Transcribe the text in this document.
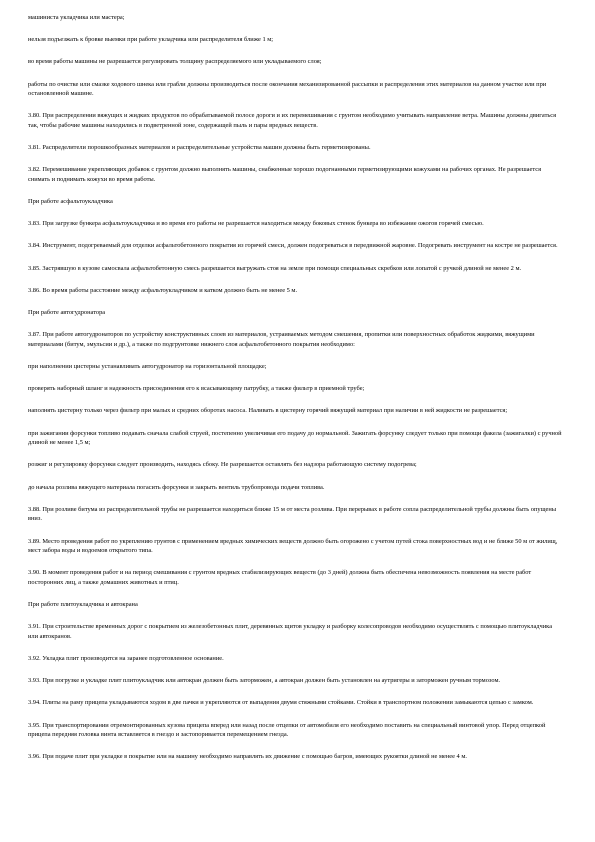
машиниста укладчика или мастера;

нельзя подъезжать к бровке выемки при работе укладчика или распределителя ближе 1 м;

во время работы машины не разрешается регулировать толщину распределяемого или укладываемого слоя;

работы по очистке или смазке ходового шнека или грабли должны производиться после окончания механизированной рассыпки и распределения этих материалов на данном участке или при остановленной машине.

3.80. При распределении вяжущих и жидких продуктов по обрабатываемой полосе дороги и их перемешивания с грунтом необходимо учитывать направление ветра. Машины должны двигаться так, чтобы рабочие машины находились в подветренной зоне, содержащей пыль и пары вредных веществ.

3.81. Распределители порошкообразных материалов и распределительные устройства машин должны быть герметизированы.

3.82. Перемешивание укрепляющих добавок с грунтом должно выполнять машины, снабженные хорошо подогнанными герметизирующими кожухами на рабочих органах. Не разрешается снимать и поднимать кожухи во время работы.

При работе асфальтоукладчика

3.83. При загрузке бункера асфальтоукладчика и во время его работы не разрешается находиться между боковых стенок бункера во избежание ожогов горячей смесью.

3.84. Инструмент, подогреваемый для отделки асфальтобетонного покрытия из горячей смеси, должен подогреваться в передвижной жаровне. Подогревать инструмент на костре не разрешается.

3.85. Застрявшую в кузове самосвала асфальтобетонную смесь разрешается выгружать стоя на земле при помощи специальных скребков или лопатой с ручкой длиной не менее 2 м.

3.86. Во время работы расстояние между асфальтоукладчиком и катком должно быть не менее 5 м.

При работе автогудронатора

3.87. При работе автогудронаторов по устройству конструктивных слоев из материалов, устраиваемых методом смешения, пропитки или поверхностных обработок жидкими, вяжущими материалами (битум, эмульсии и др.), а также по подгрунтовке нижнего слоя асфальтобетонного покрытия необходимо:

при наполнении цистерны устанавливать автогудронатор на горизонтальной площадке;

проверять наборный шланг и надежность присоединения его к всасывающему патрубку, а также фильтр в приемной трубе;

наполнять цистерну только через фильтр при малых и средних оборотах насоса. Наливать в цистерну горячий вяжущий материал при наличии в ней жидкости не разрешается;

при зажигании форсунки топливо подавать сначала слабой струей, постепенно увеличивая его подачу до нормальной. Зажигать форсунку следует только при помощи факела (зажигалки) с ручной длиной не менее 1,5 м;

розжиг и регулировку форсунки следует производить, находясь сбоку. Не разрешается оставлять без надзора работающую систему подогрева;

до начала розлива вяжущего материала погасить форсунки и закрыть вентиль трубопровода подачи топлива.

3.88. При розливе битума из распределительной трубы не разрешается находиться ближе 15 м от места розлива. При перерывах в работе сопла распределительной трубы должны быть опущены вниз.

3.89. Место проведения работ по укреплению грунтов с применением вредных химических веществ должно быть огорожено с учетом путей стока поверхностных вод и не ближе 50 м от жилищ, мест забора воды и водоемов открытого типа.

3.90. В момент проведения работ и на период смешивания с грунтом вредных стабилизирующих веществ (до 3 дней) должна быть обеспечена невозможность появления на месте работ посторонних лиц, а также домашних животных и птиц.

При работе плитоукладчика и автокрана

3.91. При строительстве временных дорог с покрытием из железобетонных плит, деревянных щитов укладку и разборку колесопроводов необходимо осуществлять с помощью плитоукладчика или автокранов.

3.92. Укладка плит производится на заранее подготовленное основание.

3.93. При погрузке и укладке плит плитоукладчик или автокран должен быть заторможен, а автокран должен быть установлен на аутригеры и заторможен ручным тормозом.

3.94. Плиты на раму прицепа укладываются ходом в две пачки и укрепляются от выпадения двумя стяжными стойками. Стойки в транспортном положении замыкаются цепью с замком.

3.95. При транспортировании отремонтированных кузова прицепа вперед или назад после отцепки от автомобиля его необходимо поставить на специальный винтовой упор. Перед отцепкой прицепа передняя головка винта вставляется в гнездо и застопоривается перемещением гнезда.

3.96. При подаче плит при укладке в покрытие или на машину необходимо направлять их движение с помощью багров, имеющих рукоятки длиной не менее 4 м.
